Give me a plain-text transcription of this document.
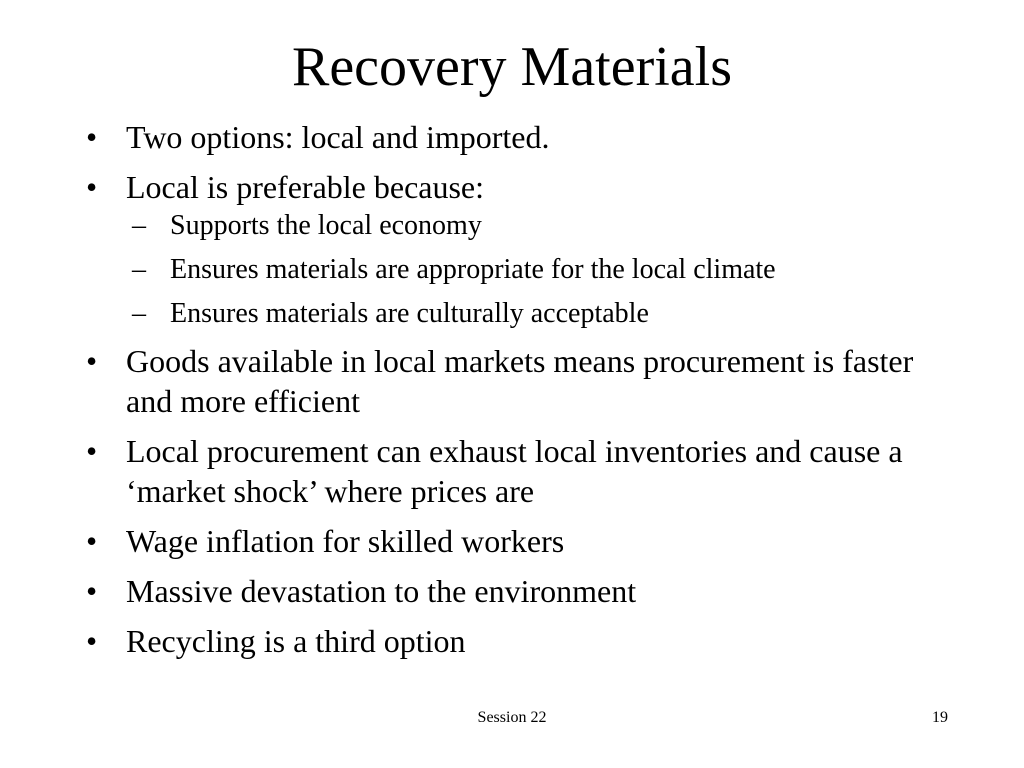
Recovery Materials
• Two options: local and imported.
• Local is preferable because:
– Supports the local economy
– Ensures materials are appropriate for the local climate
– Ensures materials are culturally acceptable
• Goods available in local markets means procurement is faster and more efficient
• Local procurement can exhaust local inventories and cause a ‘market shock’ where prices are
• Wage inflation for skilled workers
• Massive devastation to the environment
• Recycling is a third option
Session 22	19
